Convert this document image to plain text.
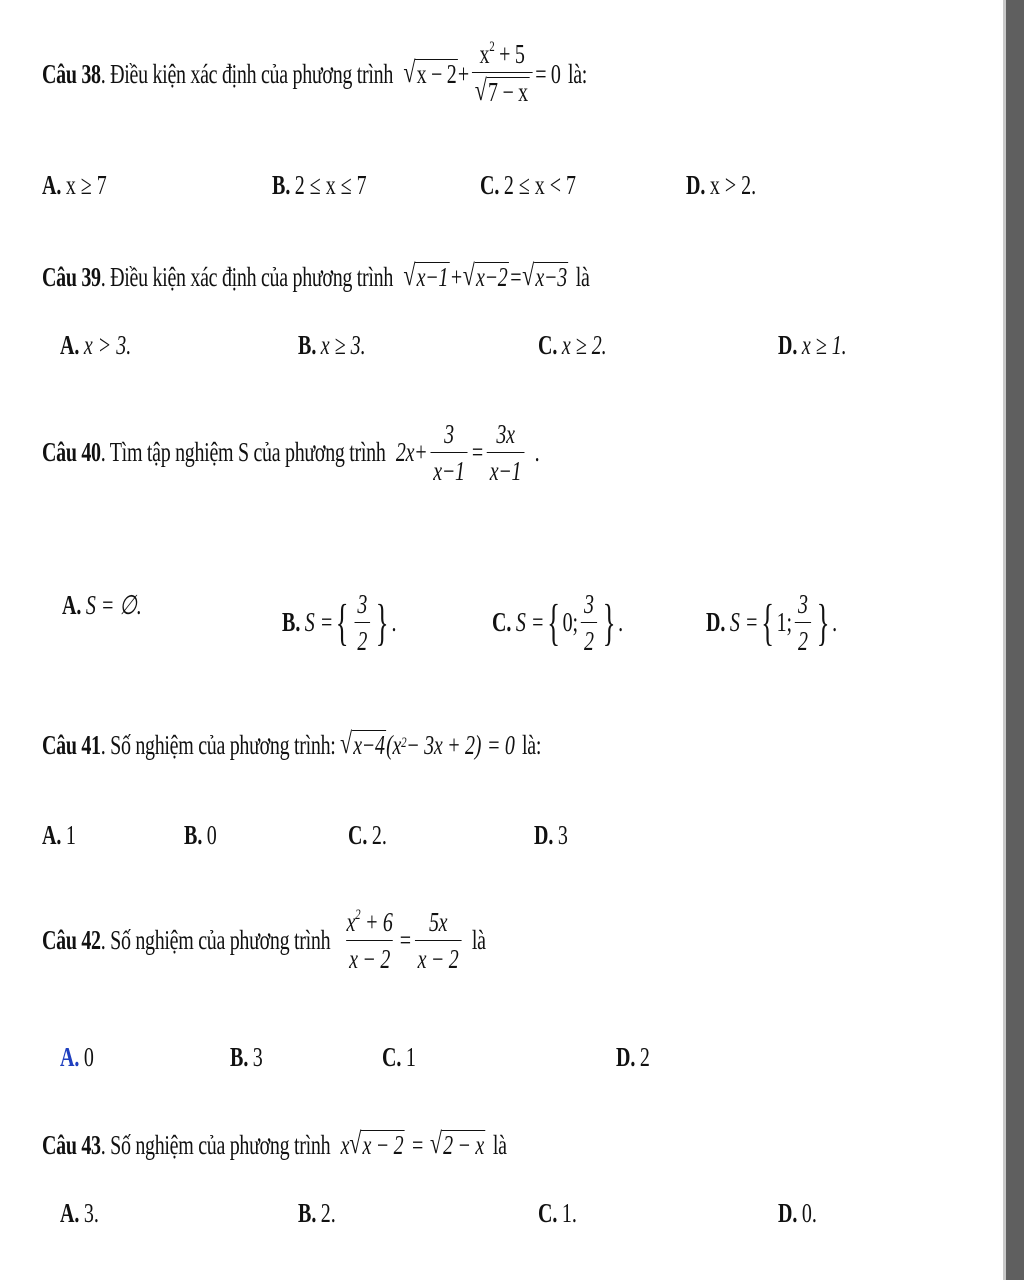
Câu 38 . Điều kiện xác định của phương trình √ $x - 2 + \frac{x^2 + 5}{√ 7 - x} = 0$ là:
A. x ≥ 7	B. 2 ≤ x ≤ 7	C. 2 ≤ x < 7	D. x > 2.
Câu 39 . Điều kiện xác định của phương trình √ x−1 + √ x−2 = √ x−3 là
A. x > 3.	B. x ≥ 3.	C. x ≥ 2.	D. x ≥ 1.
Câu 40 . Tìm tập nghiệm S của phương trình $2x+ \frac{3}{x-1} = \frac{3x}{x-1}$ .
A. S = ∅.
B. S = { $\frac{3}{2}$ } .	C. S = { 0; $\frac{3}{2}$ } .	D. S = { 1; $\frac{3}{2}$ } .
Câu 41 . Số nghiệm của phương trình: √ x−4 ( x 2 − 3x + 2 ) = 0 là:
A. 1	B. 0	C. 2.	D. 3
Câu 42 . Số nghiệm của phương trình $\frac{x^2 + 6}{x - 2} = \frac{5x}{x - 2}$ là
A. 0	B. 3	C. 1	D. 2
Câu 43 . Số nghiệm của phương trình x √ x − 2 = √ 2 − x là
A. 3.	B. 2.	C. 1.	D. 0.
